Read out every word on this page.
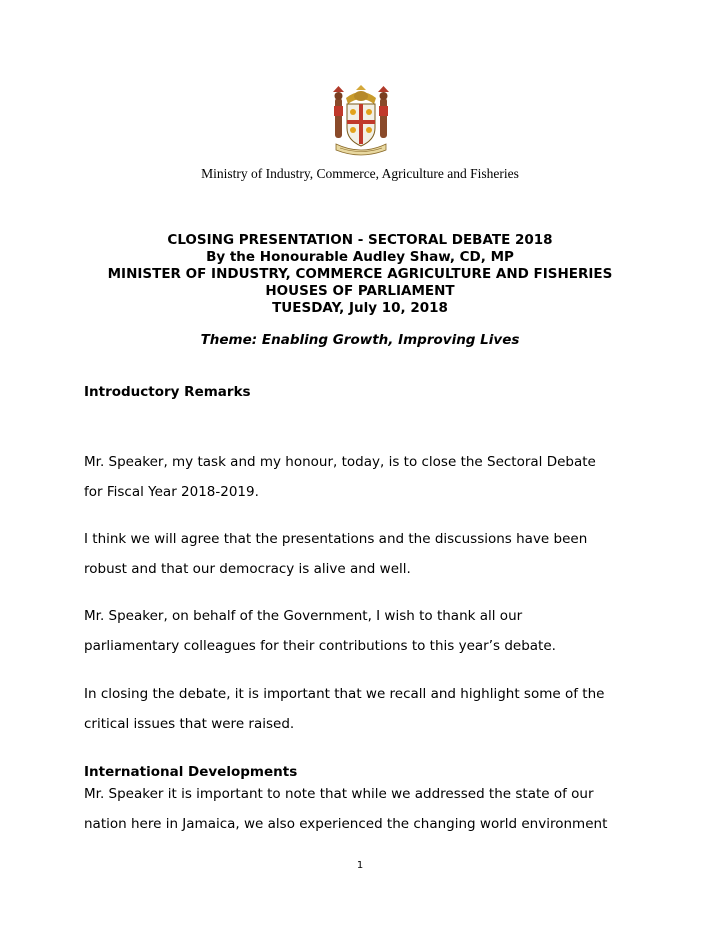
Ministry of Industry, Commerce, Agriculture and Fisheries
CLOSING PRESENTATION - SECTORAL DEBATE 2018
By the Honourable Audley Shaw, CD, MP
MINISTER OF INDUSTRY, COMMERCE AGRICULTURE AND FISHERIES
HOUSES OF PARLIAMENT
TUESDAY, July 10, 2018
Theme: Enabling Growth, Improving Lives
Introductory Remarks
Mr. Speaker, my task and my honour, today, is to close the Sectoral Debate
for Fiscal Year 2018-2019.
I think we will agree that the presentations and the discussions have been
robust and that our democracy is alive and well.
Mr. Speaker, on behalf of the Government, I wish to thank all our
parliamentary colleagues for their contributions to this year’s debate.
In closing the debate, it is important that we recall and highlight some of the
critical issues that were raised.
International Developments
Mr. Speaker it is important to note that while we addressed the state of our
nation here in Jamaica, we also experienced the changing world environment
1
